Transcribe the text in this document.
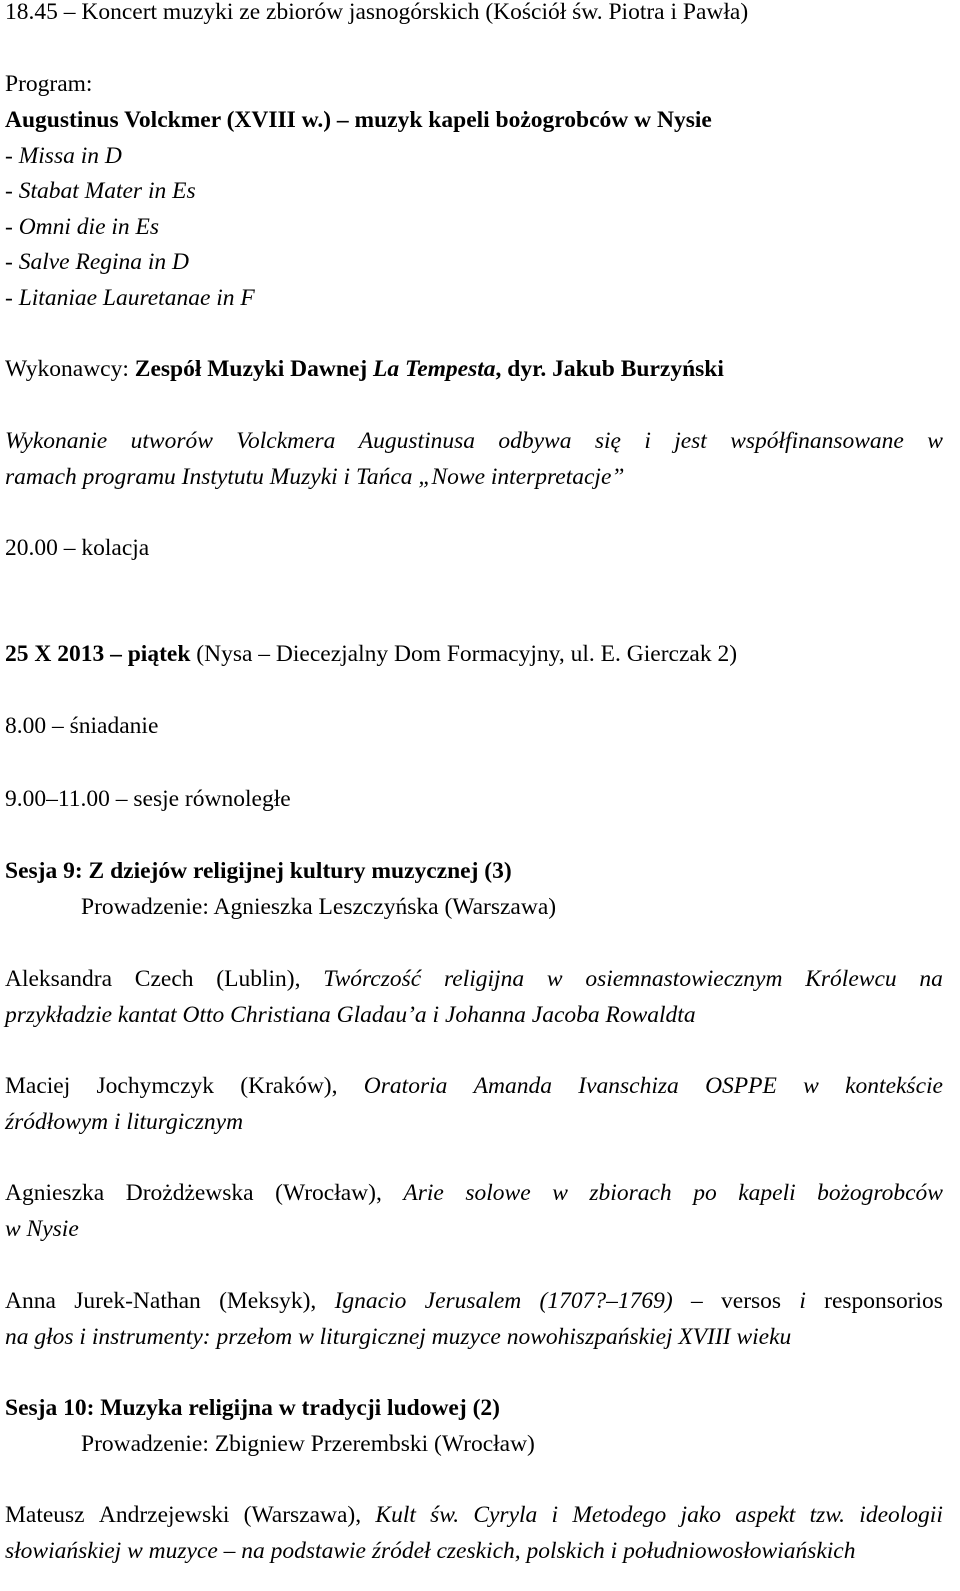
18.45 – Koncert muzyki ze zbiorów jasnogórskich (Kościół św. Piotra i Pawła)
Program:
Augustinus Volckmer (XVIII w.) – muzyk kapeli bożogrobców w Nysie
- Missa in D
- Stabat Mater in Es
- Omni die in Es
- Salve Regina in D
- Litaniae Lauretanae in F
Wykonawcy: Zespół Muzyki Dawnej La Tempesta, dyr. Jakub Burzyński
Wykonanie utworów Volckmera Augustinusa odbywa się i jest współfinansowane w
ramach programu Instytutu Muzyki i Tańca „Nowe interpretacje”
20.00 – kolacja
25 X 2013 – piątek (Nysa – Diecezjalny Dom Formacyjny, ul. E. Gierczak 2)
8.00 – śniadanie
9.00–11.00 – sesje równoległe
Sesja 9: Z dziejów religijnej kultury muzycznej (3)
Prowadzenie: Agnieszka Leszczyńska (Warszawa)
Aleksandra Czech (Lublin), Twórczość religijna w osiemnastowiecznym Królewcu na
przykładzie kantat Otto Christiana Gladau’a i Johanna Jacoba Rowaldta
Maciej Jochymczyk (Kraków), Oratoria Amanda Ivanschiza OSPPE w kontekście
źródłowym i liturgicznym
Agnieszka Drożdżewska (Wrocław), Arie solowe w zbiorach po kapeli bożogrobców
w Nysie
Anna Jurek-Nathan (Meksyk), Ignacio Jerusalem (1707?–1769) – versos i responsorios
na głos i instrumenty: przełom w liturgicznej muzyce nowohiszpańskiej XVIII wieku
Sesja 10: Muzyka religijna w tradycji ludowej (2)
Prowadzenie: Zbigniew Przerembski (Wrocław)
Mateusz Andrzejewski (Warszawa), Kult św. Cyryla i Metodego jako aspekt tzw. ideologii
słowiańskiej w muzyce – na podstawie źródeł czeskich, polskich i południowosłowiańskich
